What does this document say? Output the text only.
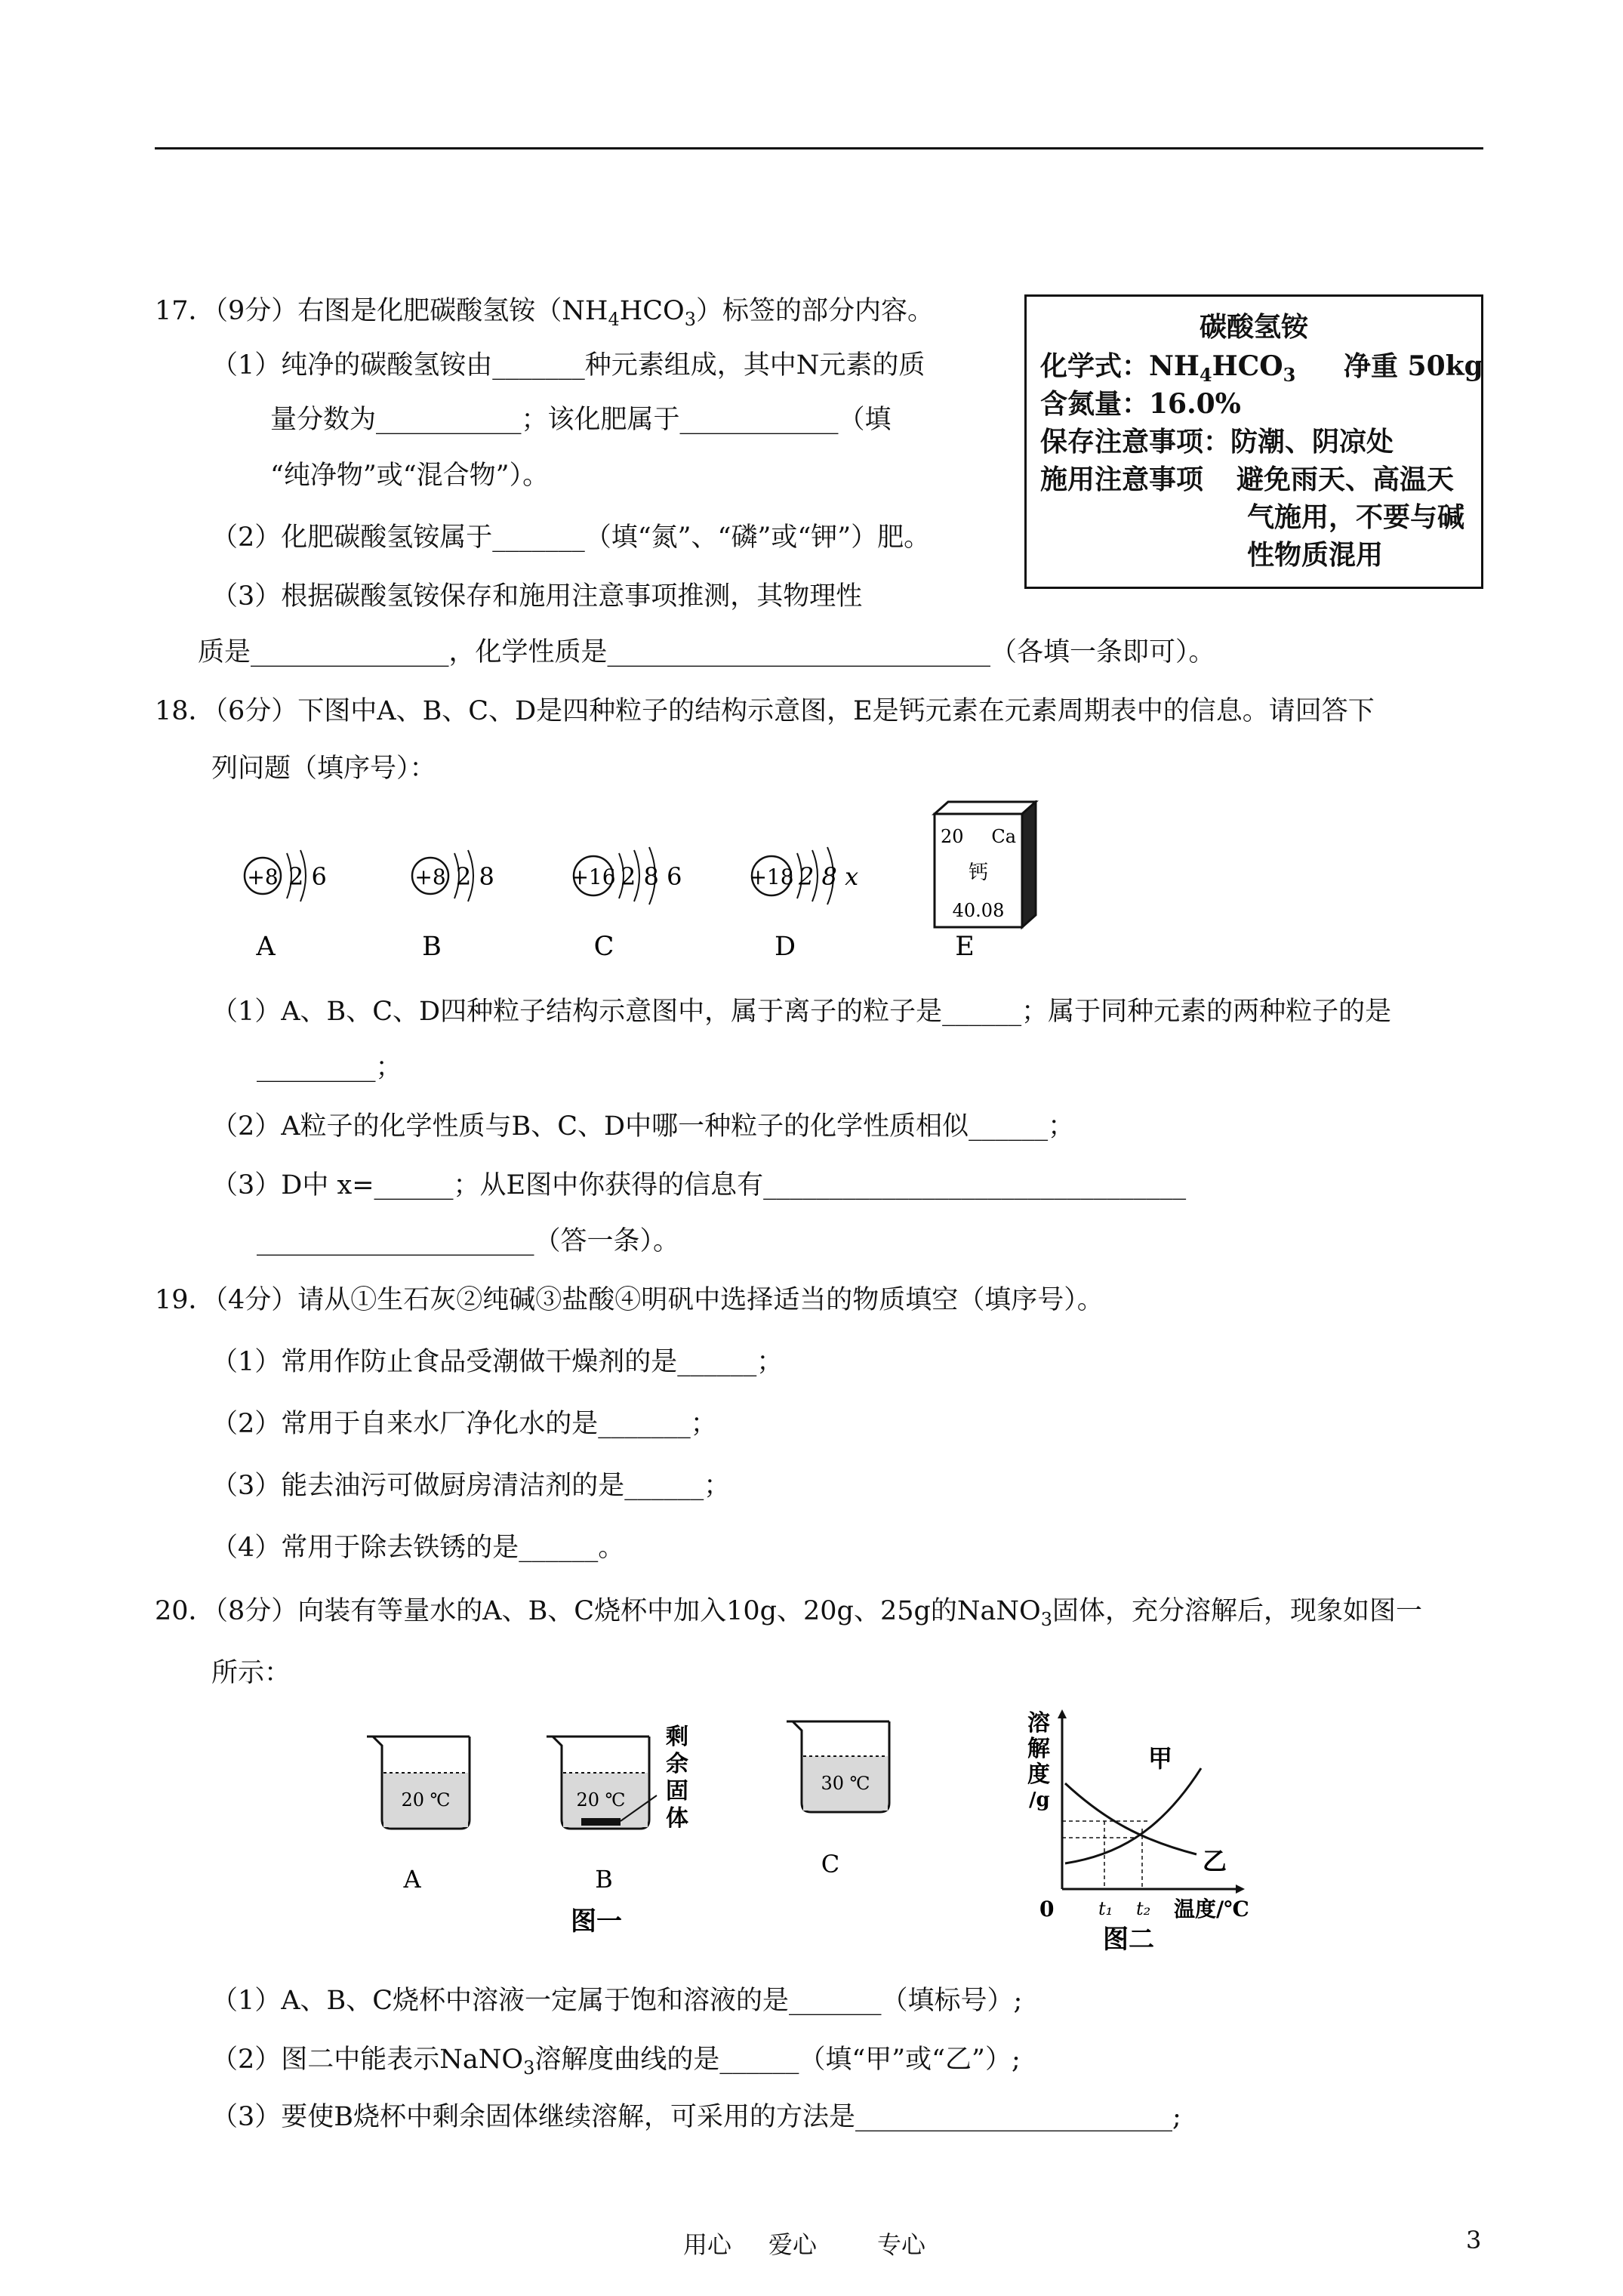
17．（9分）右图是化肥碳酸氢铵$(NH_4HCO_3)$标签的部分内容。
（1）纯净的碳酸氢铵由_______种元素组成，其中N元素的质
量分数为___________；该化肥属于____________（填
“纯净物”或“混合物”）。
（2）化肥碳酸氢铵属于_______（填“氮”、“磷”或“钾”）肥。
（3）根据碳酸氢铵保存和施用注意事项推测，其物理性
质是_______________，化学性质是_____________________________（各填一条即可）。
碳酸氢铵
化学式：$NH_4HCO_3$ 净重 50kg
含氮量：16.0%
保存注意事项：防潮、阴凉处
施用注意事项 避免雨天、高温天
气施用，不要与碱
性物质混用
18．（6分）下图中A、B、C、D是四种粒子的结构示意图，E是钙元素在元素周期表中的信息。请回答下
列问题（填序号）：
+8 2 6
A
+8 2 8
B
+16 2 8 6
C
+18 2 8 x
D
20 Ca
钙
40.08
E
（1）A、B、C、D四种粒子结构示意图中，属于离子的粒子是______；属于同种元素的两种粒子的是
_________；
（2）A粒子的化学性质与B、C、D中哪一种粒子的化学性质相似______；
（3）D中 x=______；从E图中你获得的信息有________________________________
_____________________（答一条）。
19．（4分）请从①生石灰②纯碱③盐酸④明矾中选择适当的物质填空（填序号）。
（1）常用作防止食品受潮做干燥剂的是______；
（2）常用于自来水厂净化水的是_______；
（3）能去油污可做厨房清洁剂的是______；
（4）常用于除去铁锈的是______。
20．（8分）向装有等量水的A、B、C烧杯中加入10g、20g、25g的NaNO$_3$固体，充分溶解后，现象如图一
所示：
20 ℃
A
20 ℃
剩
余
固
体
B
30 ℃
C
图一
溶
解
度
/g
甲
乙
0 t₁ t₂ 温度/℃
图二
（1）A、B、C烧杯中溶液一定属于饱和溶液的是_______（填标号）;
（2）图二中能表示NaNO$_3$溶解度曲线的是______（填“甲”或“乙”）;
（3）要使B烧杯中剩余固体继续溶解，可采用的方法是________________________;
用心 爱心 专心	3
